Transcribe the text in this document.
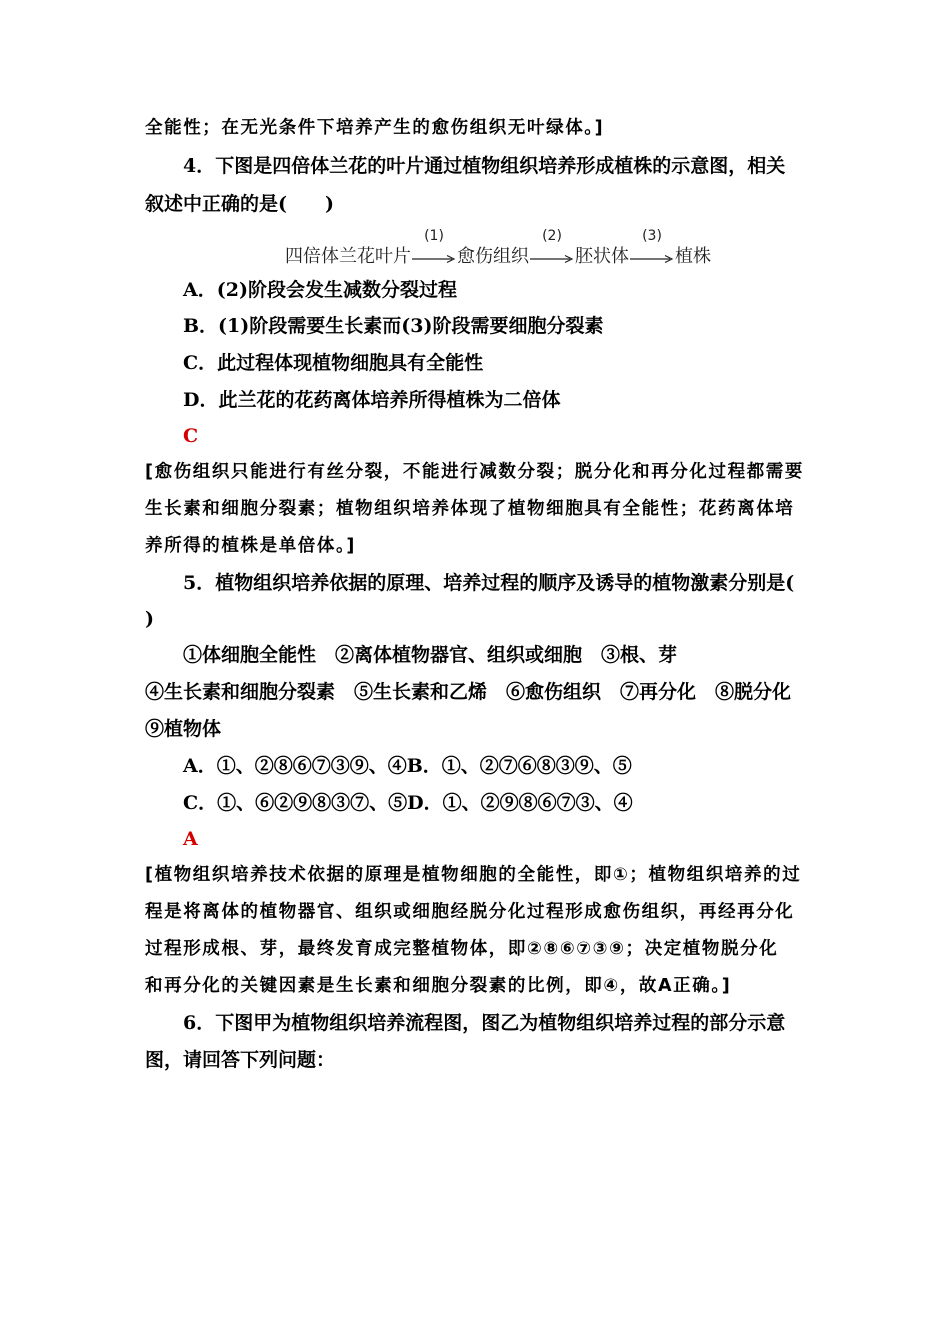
全能性；在无光条件下培养产生的愈伤组织无叶绿体。]
4．下图是四倍体兰花的叶片通过植物组织培养形成植株的示意图，相关
叙述中正确的是(　　)
四倍体兰花叶片
(1)
愈伤组织
(2)
胚状体
(3)
植株
A．(2)阶段会发生减数分裂过程
B．(1)阶段需要生长素而(3)阶段需要细胞分裂素
C．此过程体现植物细胞具有全能性
D．此兰花的花药离体培养所得植株为二倍体
C
[愈伤组织只能进行有丝分裂，不能进行减数分裂；脱分化和再分化过程都需要
生长素和细胞分裂素；植物组织培养体现了植物细胞具有全能性；花药离体培
养所得的植株是单倍体。]
5．植物组织培养依据的原理、培养过程的顺序及诱导的植物激素分别是(
)
①体细胞全能性　②离体植物器官、组织或细胞　③根、芽
④生长素和细胞分裂素　⑤生长素和乙烯　⑥愈伤组织　⑦再分化　⑧脱分化
⑨植物体
A．①、②⑧⑥⑦③⑨、④B．①、②⑦⑥⑧③⑨、⑤
C．①、⑥②⑨⑧③⑦、⑤D．①、②⑨⑧⑥⑦③、④
A
[植物组织培养技术依据的原理是植物细胞的全能性，即①；植物组织培养的过
程是将离体的植物器官、组织或细胞经脱分化过程形成愈伤组织，再经再分化
过程形成根、芽，最终发育成完整植物体，即②⑧⑥⑦③⑨；决定植物脱分化
和再分化的关键因素是生长素和细胞分裂素的比例，即④，故A正确。]
6．下图甲为植物组织培养流程图，图乙为植物组织培养过程的部分示意
图，请回答下列问题：
